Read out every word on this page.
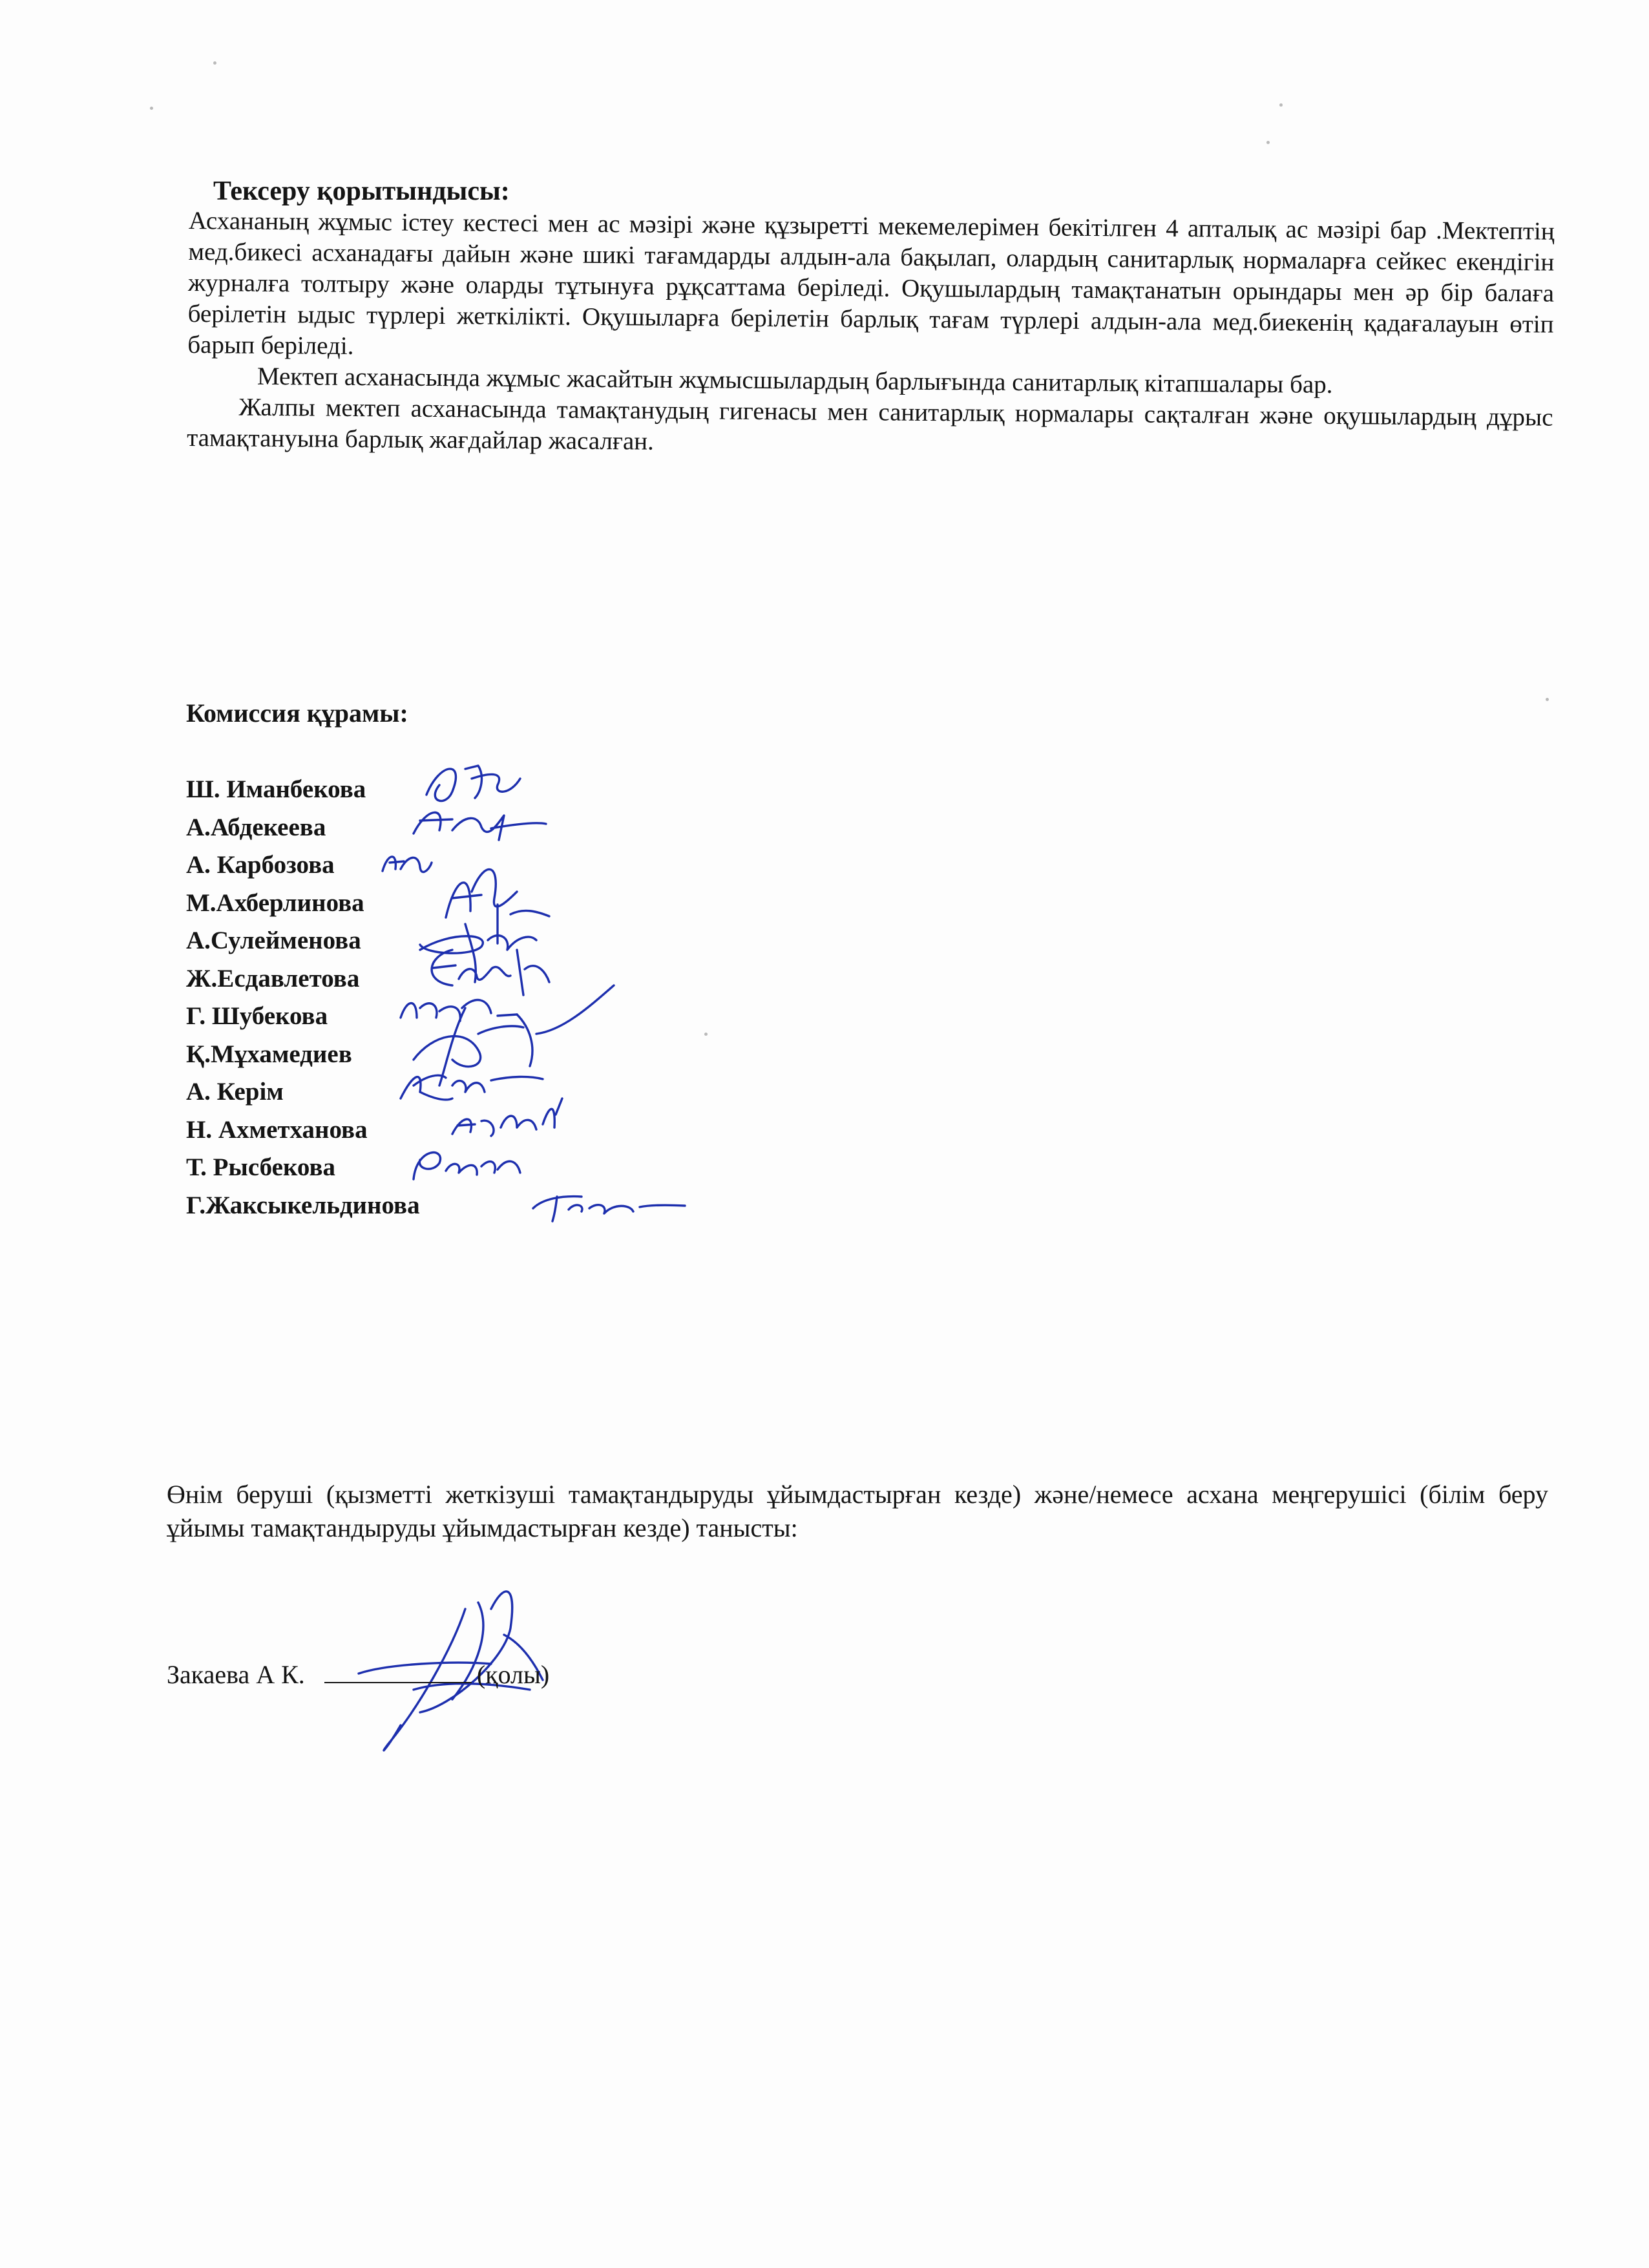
Тексеру қорытындысы:

Асхананың жұмыс істеу кестесі мен ас мәзірі және құзыретті мекемелерімен бекітілген 4 апталық ас мәзірі бар .Мектептің мед.бикесі асханадағы дайын және шикі тағамдарды алдын-ала бақылап, олардың санитарлық нормаларға сейкес екендігін журналға толтыру және оларды тұтынуға рұқсаттама беріледі. Оқушылардың тамақтанатын орындары мен әр бір балаға берілетін ыдыс түрлері жеткілікті. Оқушыларға берілетін барлық тағам түрлері алдын-ала мед.биекенің қадағалауын өтіп барып беріледі.

Мектеп асханасында жұмыс жасайтын жұмысшылардың барлығында санитарлық кітапшалары бар.

Жалпы мектеп асханасында тамақтанудың гигенасы мен санитарлық нормалары сақталған және оқушылардың дұрыс тамақтануына барлық жағдайлар жасалған.

Комиссия құрамы:
Ш. Иманбекова
А.Абдекеева
А. Карбозова
М.Ахберлинова
А.Сулейменова
Ж.Есдавлетова
Г. Шубекова
Қ.Мұхамедиев
А. Керім
Н. Ахметханова
Т. Рысбекова
Г.Жаксыкельдинова

Өнім беруші (қызметті жеткізуші тамақтандыруды ұйымдастырған кезде) және/немесе асхана меңгерушісі (білім беру ұйымы тамақтандыруды ұйымдастырған кезде) танысты:

Закаева А К.	(қолы)
